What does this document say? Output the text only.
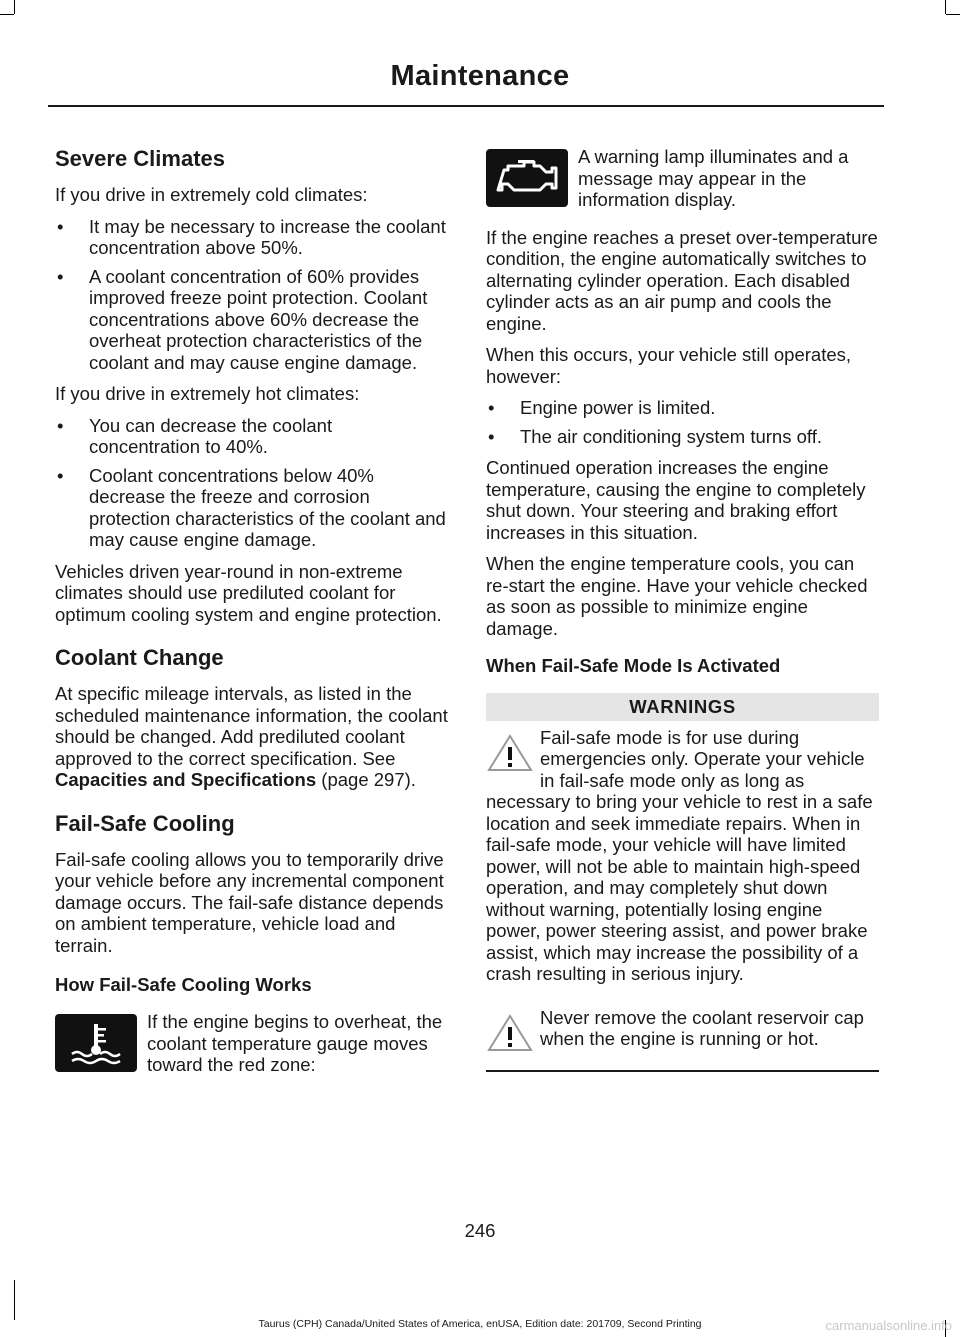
Maintenance
Severe Climates

If you drive in extremely cold climates:

• It may be necessary to increase the coolant concentration above 50%.
• A coolant concentration of 60% provides improved freeze point protection. Coolant concentrations above 60% decrease the overheat protection characteristics of the coolant and may cause engine damage.

If you drive in extremely hot climates:

• You can decrease the coolant concentration to 40%.
• Coolant concentrations below 40% decrease the freeze and corrosion protection characteristics of the coolant and may cause engine damage.

Vehicles driven year-round in non-extreme climates should use prediluted coolant for optimum cooling system and engine protection.

Coolant Change

At specific mileage intervals, as listed in the scheduled maintenance information, the coolant should be changed. Add prediluted coolant approved to the correct specification. See Capacities and Specifications (page 297).

Fail-Safe Cooling

Fail-safe cooling allows you to temporarily drive your vehicle before any incremental component damage occurs. The fail-safe distance depends on ambient temperature, vehicle load and terrain.

How Fail-Safe Cooling Works
If the engine begins to overheat, the coolant temperature gauge moves toward the red zone:
A warning lamp illuminates and a message may appear in the information display.

If the engine reaches a preset over-temperature condition, the engine automatically switches to alternating cylinder operation. Each disabled cylinder acts as an air pump and cools the engine.

When this occurs, your vehicle still operates, however:

• Engine power is limited.
• The air conditioning system turns off.

Continued operation increases the engine temperature, causing the engine to completely shut down. Your steering and braking effort increases in this situation.

When the engine temperature cools, you can re-start the engine. Have your vehicle checked as soon as possible to minimize engine damage.

When Fail-Safe Mode Is Activated
WARNINGS
Fail-safe mode is for use during emergencies only. Operate your vehicle in fail-safe mode only as long as necessary to bring your vehicle to rest in a safe location and seek immediate repairs. When in fail-safe mode, your vehicle will have limited power, will not be able to maintain high-speed operation, and may completely shut down without warning, potentially losing engine power, power steering assist, and power brake assist, which may increase the possibility of a crash resulting in serious injury.
Never remove the coolant reservoir cap when the engine is running or hot.
246
Taurus (CPH) Canada/United States of America, enUSA, Edition date: 201709, Second Printing	carmanualsonline.info
